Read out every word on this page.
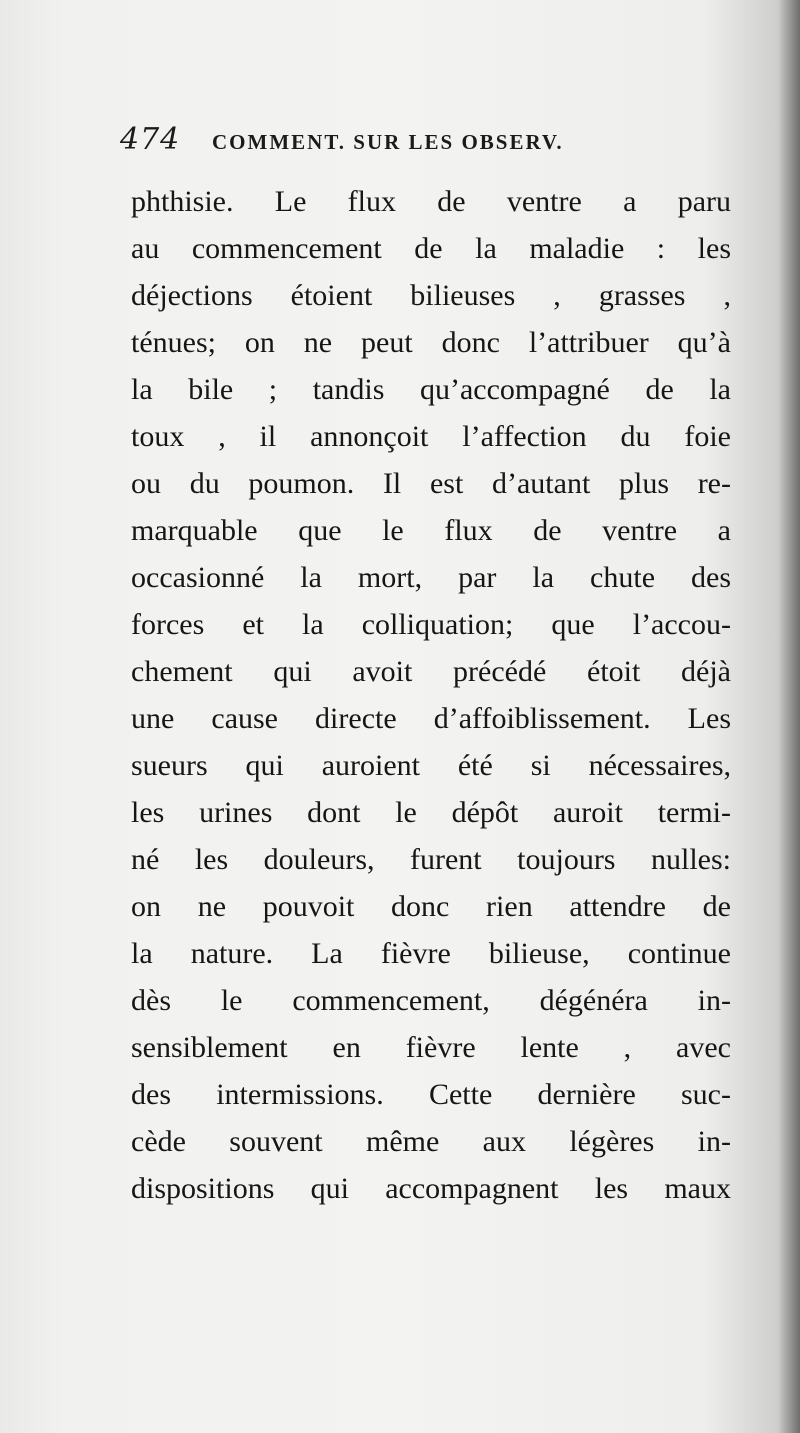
474	COMMENT. SUR LES OBSERV.
phthisie. Le flux de ventre a paru
au commencement de la maladie : les
déjections étoient bilieuses , grasses ,
ténues; on ne peut donc l’attribuer qu’à
la bile ; tandis qu’accompagné de la
toux , il annonçoit l’affection du foie
ou du poumon. Il est d’autant plus re-
marquable que le flux de ventre a
occasionné la mort, par la chute des
forces et la colliquation; que l’accou-
chement qui avoit précédé étoit déjà
une cause directe d’affoiblissement. Les
sueurs qui auroient été si nécessaires,
les urines dont le dépôt auroit termi-
né les douleurs, furent toujours nulles:
on ne pouvoit donc rien attendre de
la nature. La fièvre bilieuse, continue
dès le commencement, dégénéra in-
sensiblement en fièvre lente , avec
des intermissions. Cette dernière suc-
cède souvent même aux légères in-
dispositions qui accompagnent les maux
